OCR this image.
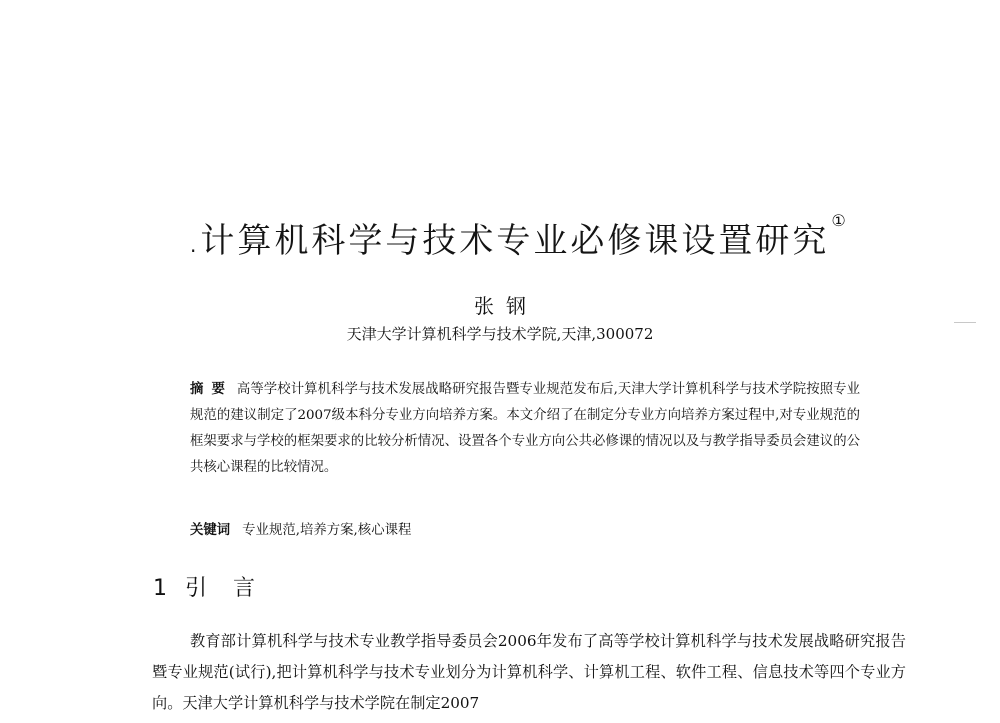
. 计算机科学与技术专业必修课设置研究①
张钢
天津大学计算机科学与技术学院,天津,300072
摘要 高等学校计算机科学与技术发展战略研究报告暨专业规范发布后,天津大学计算机科学与技术学院按照专业规范的建议制定了2007级本科分专业方向培养方案。本文介绍了在制定分专业方向培养方案过程中,对专业规范的框架要求与学校的框架要求的比较分析情况、设置各个专业方向公共必修课的情况以及与教学指导委员会建议的公共核心课程的比较情况。
关键词 专业规范,培养方案,核心课程
1 引言
教育部计算机科学与技术专业教学指导委员会2006年发布了高等学校计算机科学与技术发展战略研究报告暨专业规范(试行),把计算机科学与技术专业划分为计算机科学、计算机工程、软件工程、信息技术等四个专业方向。天津大学计算机科学与技术学院在制定2007
